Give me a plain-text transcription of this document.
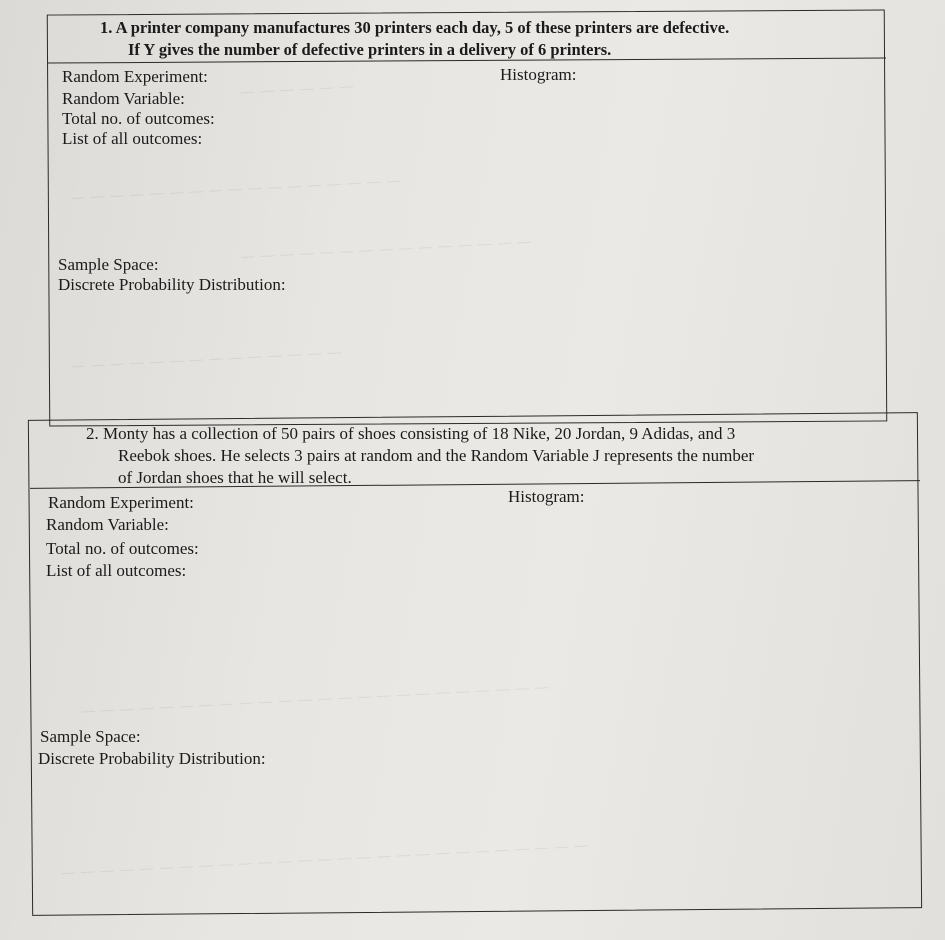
— — — — — —
— — — — — — — — — — — — — — — — —
— — — — — — — — — — — — — — —
— — — — — — — — — — — — — —
— — — — — — — — — — — — — — — — — — — — — — — —
— — — — — — — — — — — — — — — — — — — — — — — — — — —
1. A printer company manufactures 30 printers each day, 5 of these printers are defective.
If Y gives the number of defective printers in a delivery of 6 printers.
Random Experiment:	Histogram:
Random Variable:
Total no. of outcomes:
List of all outcomes:
Sample Space:
Discrete Probability Distribution:
2. Monty has a collection of 50 pairs of shoes consisting of 18 Nike, 20 Jordan, 9 Adidas, and 3
Reebok shoes. He selects 3 pairs at random and the Random Variable J represents the number
of Jordan shoes that he will select.
Random Experiment:	Histogram:
Random Variable:
Total no. of outcomes:
List of all outcomes:
Sample Space:
Discrete Probability Distribution:
